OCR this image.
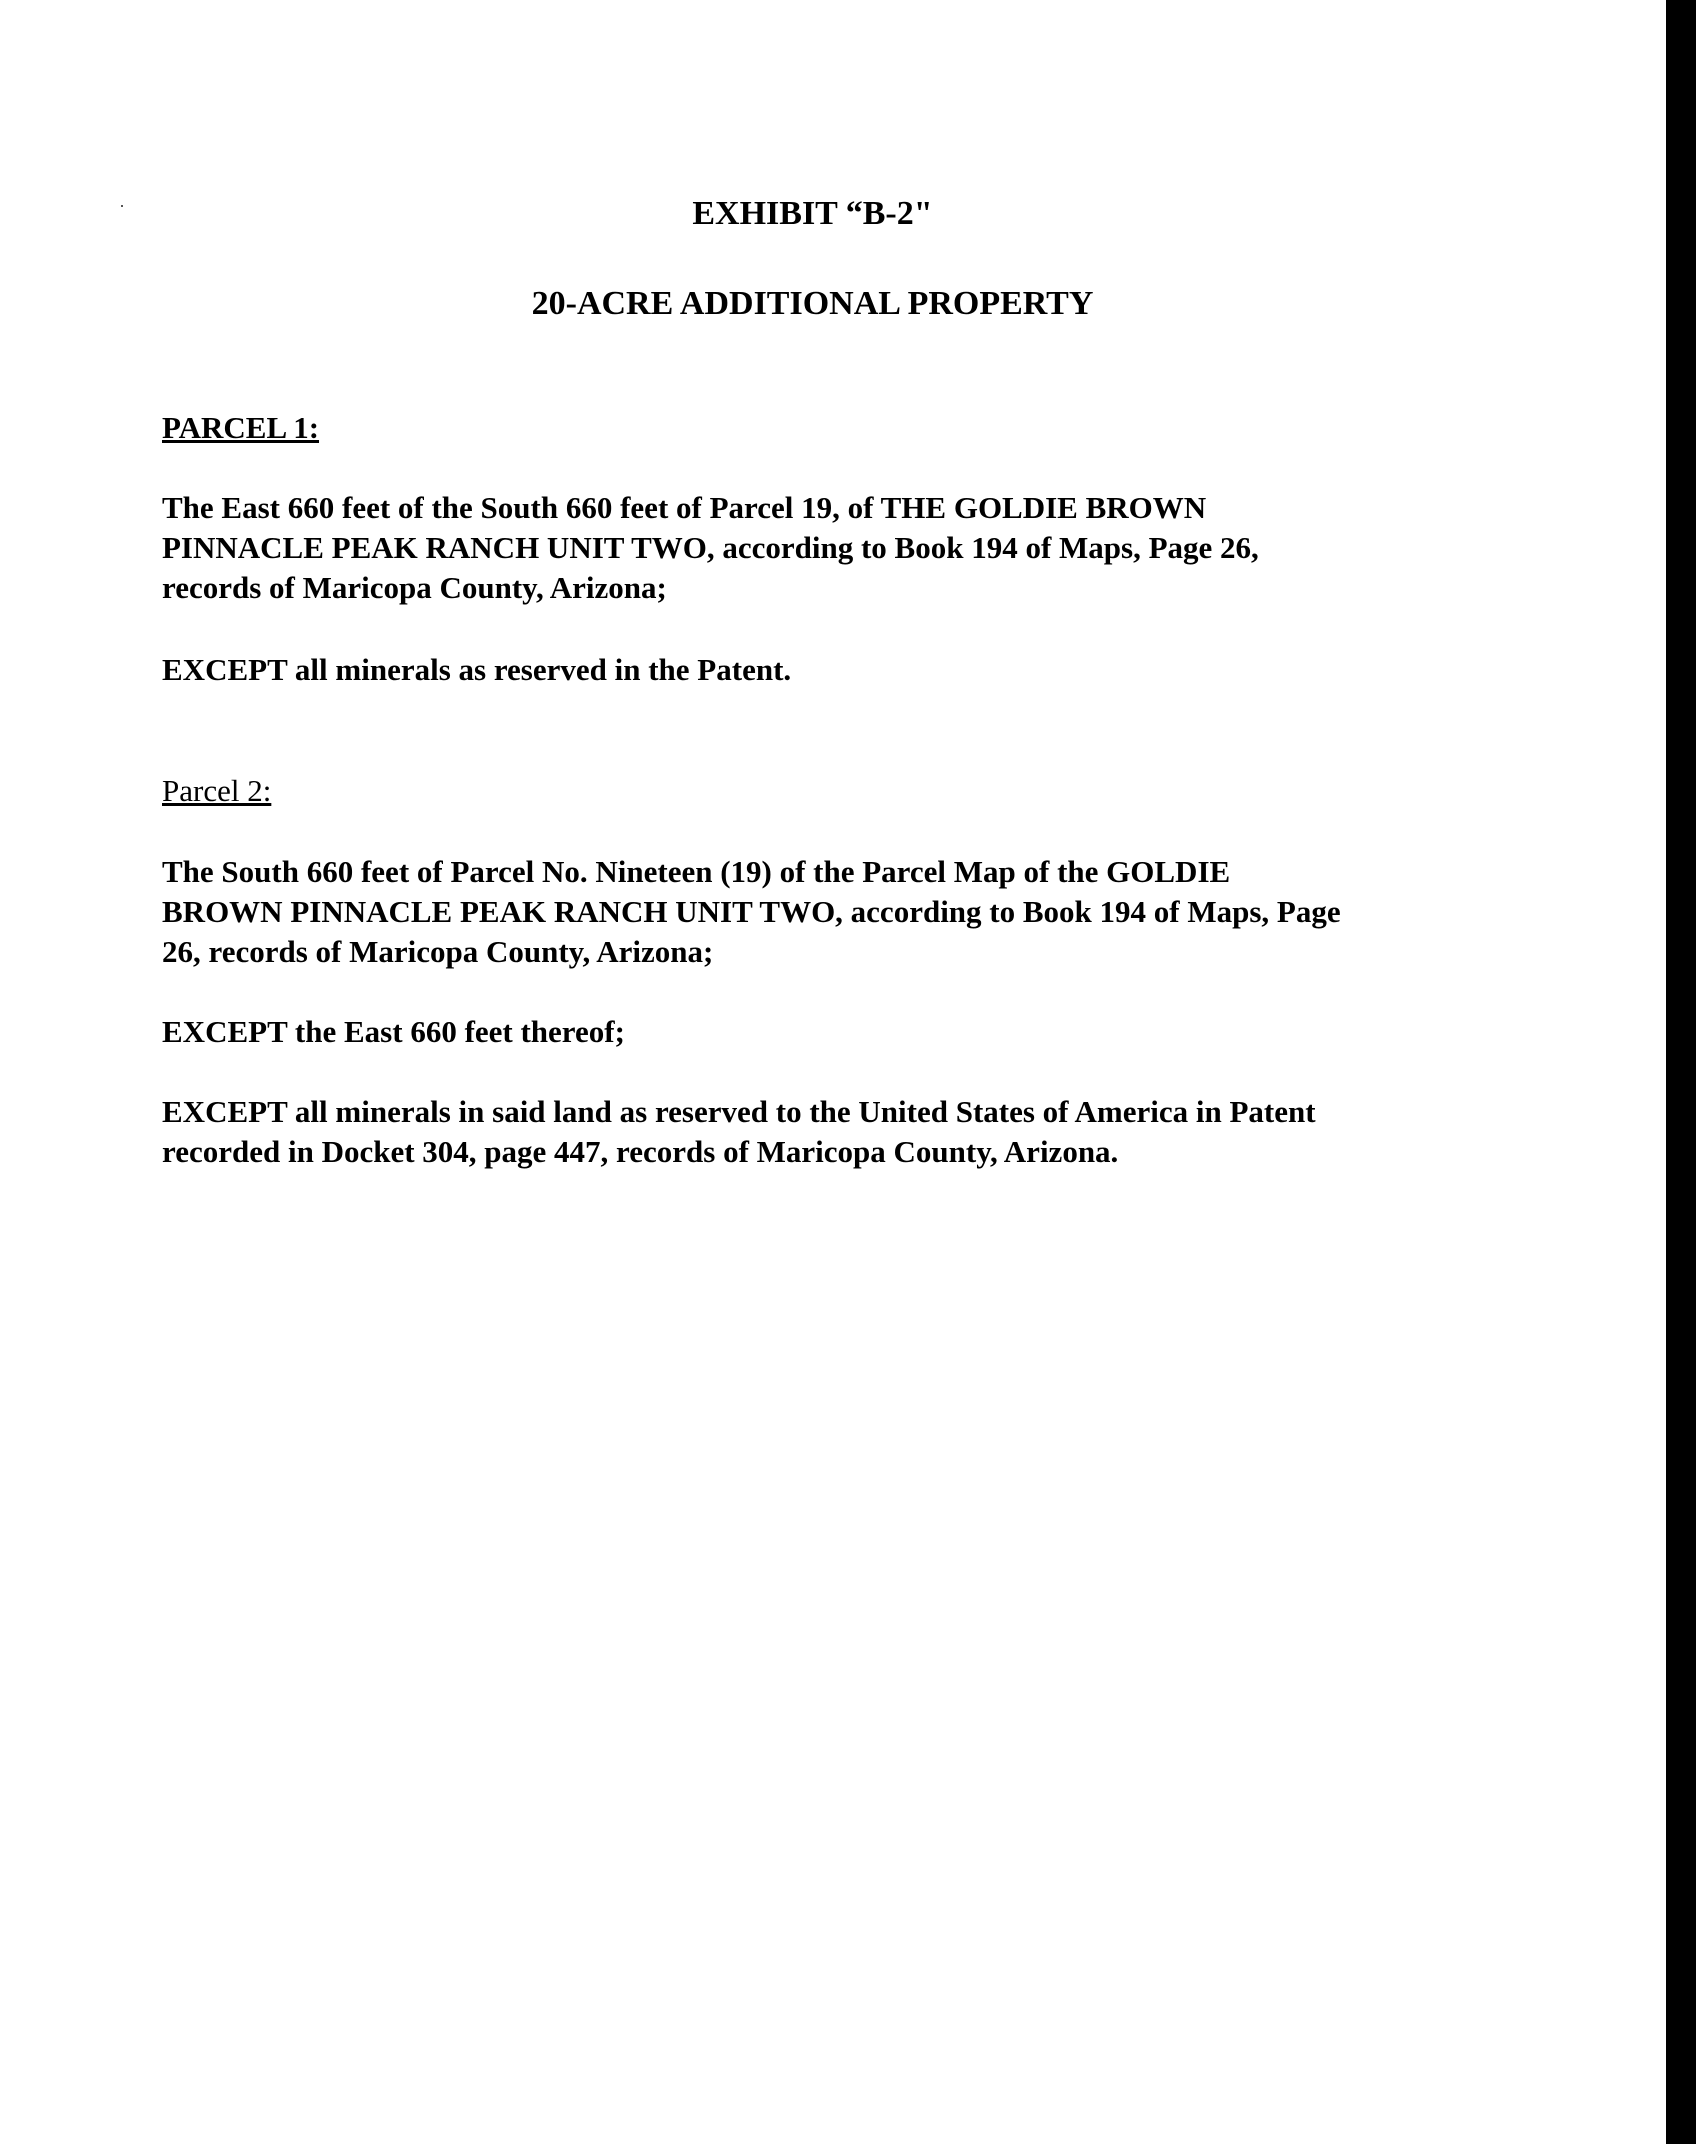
EXHIBIT “B-2"
20-ACRE ADDITIONAL PROPERTY

PARCEL 1:

The East 660 feet of the South 660 feet of Parcel 19, of THE GOLDIE BROWN
PINNACLE PEAK RANCH UNIT TWO, according to Book 194 of Maps, Page 26,
records of Maricopa County, Arizona;

EXCEPT all minerals as reserved in the Patent.

Parcel 2:

The South 660 feet of Parcel No. Nineteen (19) of the Parcel Map of the GOLDIE
BROWN PINNACLE PEAK RANCH UNIT TWO, according to Book 194 of Maps, Page
26, records of Maricopa County, Arizona;

EXCEPT the East 660 feet thereof;

EXCEPT all minerals in said land as reserved to the United States of America in Patent
recorded in Docket 304, page 447, records of Maricopa County, Arizona.
